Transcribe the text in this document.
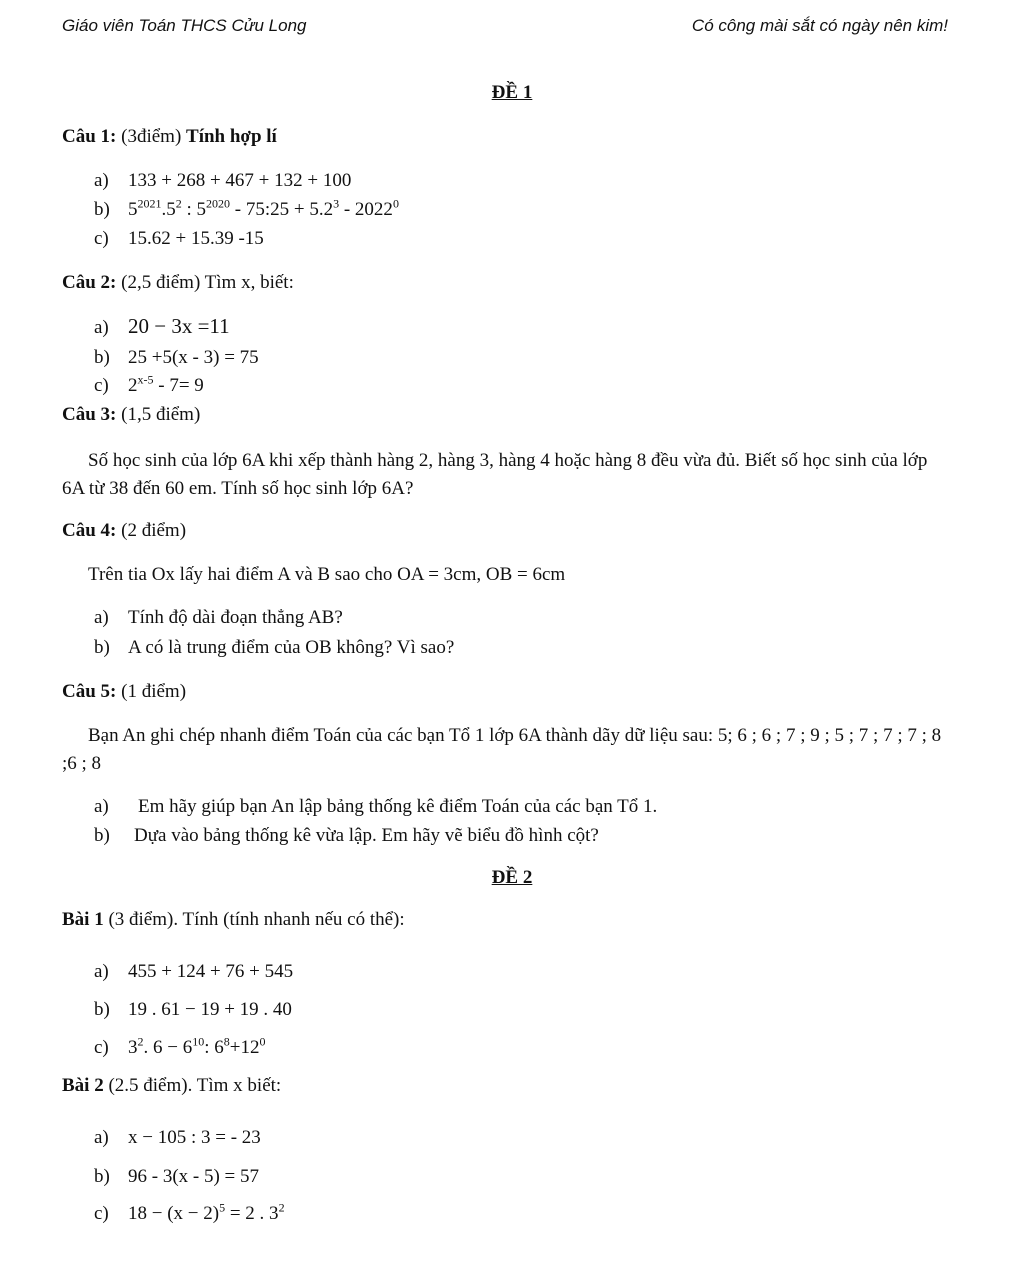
Giáo viên Toán THCS Cửu Long	Có công mài sắt có ngày nên kim!
ĐỀ 1
Câu 1: (3điểm) Tính hợp lí
a) 133 + 268 + 467 + 132 + 100
b) $5^{2021}.5^2$ : $5^{2020}$ - 75:25 + $5.2^3 - 2022^0$
c) 15.62 + 15.39 -15
Câu 2: (2,5 điểm) Tìm x, biết:
a) 20 − 3x =11
b) 25 +5(x - 3) = 75
c) 2$^{x-5}$ - 7= 9
Câu 3: (1,5 điểm)
Số học sinh của lớp 6A khi xếp thành hàng 2, hàng 3, hàng 4 hoặc hàng 8 đều vừa đủ. Biết số học sinh của lớp 6A từ 38 đến 60 em. Tính số học sinh lớp 6A?
Câu 4: (2 điểm)
Trên tia Ox lấy hai điểm A và B sao cho OA = 3cm, OB = 6cm
a) Tính độ dài đoạn thẳng AB?
b) A có là trung điểm của OB không? Vì sao?
Câu 5: (1 điểm)
Bạn An ghi chép nhanh điểm Toán của các bạn Tổ 1 lớp 6A thành dãy dữ liệu sau: 5; 6 ; 6 ; 7 ; 9 ; 5 ; 7 ; 7 ; 7 ; 8 ;6 ; 8
a) Em hãy giúp bạn An lập bảng thống kê điểm Toán của các bạn Tổ 1.
b) Dựa vào bảng thống kê vừa lập. Em hãy vẽ biểu đồ hình cột?
ĐỀ 2
Bài 1 (3 điểm). Tính (tính nhanh nếu có thể):
a) 455 + 124 + 76 + 545
b) 19 . 61 − 19 + 19 . 40
c) $3^2$. $6 - 6^{10}$: $6^8+12^0$
Bài 2 (2.5 điểm). Tìm x biết:
a) x − 105 : 3 = - 23
b) 96 - 3(x - 5) = 57
c) $18 - (x - 2)^5 = 2$ . $3^2$
